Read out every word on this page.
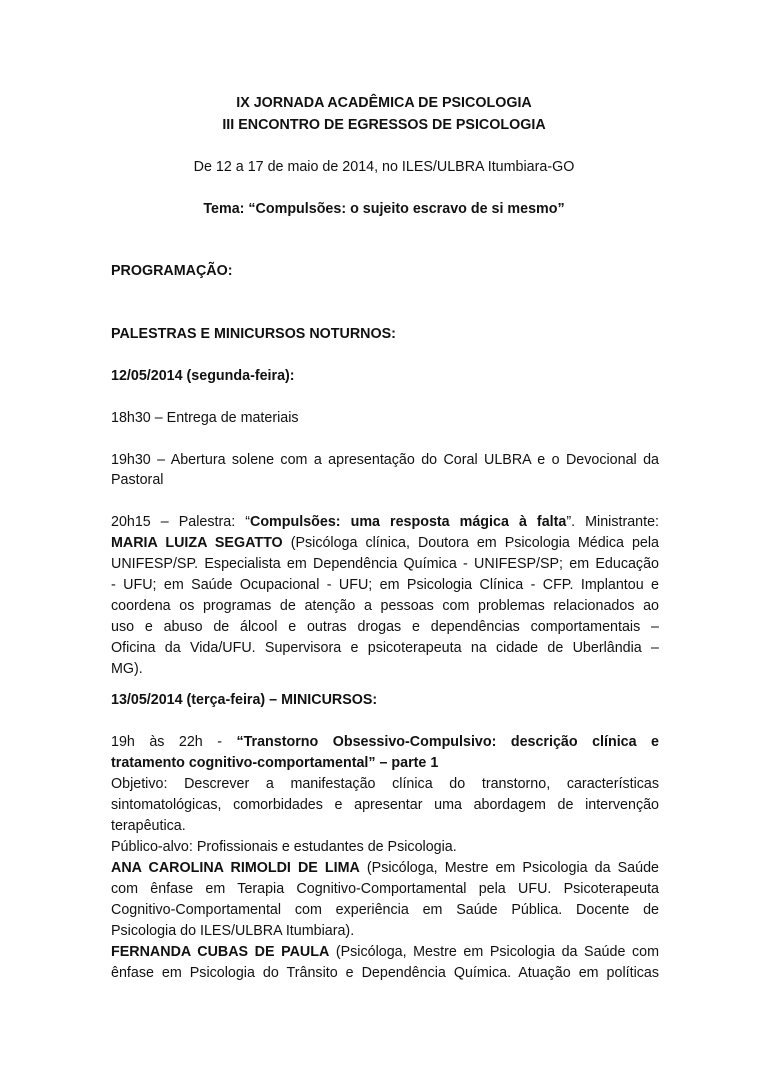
IX JORNADA ACADÊMICA DE PSICOLOGIA
III ENCONTRO DE EGRESSOS DE PSICOLOGIA
De 12 a 17 de maio de 2014, no ILES/ULBRA Itumbiara-GO
Tema: “Compulsões: o sujeito escravo de si mesmo”
PROGRAMAÇÃO:
PALESTRAS E MINICURSOS NOTURNOS:
12/05/2014 (segunda-feira):
18h30 – Entrega de materiais
19h30 – Abertura solene com a apresentação do Coral ULBRA e o Devocional da
Pastoral
20h15 – Palestra: “Compulsões: uma resposta mágica à falta”. Ministrante:
MARIA LUIZA SEGATTO (Psicóloga clínica, Doutora em Psicologia Médica pela
UNIFESP/SP. Especialista em Dependência Química - UNIFESP/SP; em Educação
- UFU; em Saúde Ocupacional - UFU; em Psicologia Clínica - CFP. Implantou e
coordena os programas de atenção a pessoas com problemas relacionados ao
uso e abuso de álcool e outras drogas e dependências comportamentais –
Oficina da Vida/UFU. Supervisora e psicoterapeuta na cidade de Uberlândia –
MG).
13/05/2014 (terça-feira) – MINICURSOS:
19h às 22h - “Transtorno Obsessivo-Compulsivo: descrição clínica e
tratamento cognitivo-comportamental” – parte 1
Objetivo: Descrever a manifestação clínica do transtorno, características
sintomatológicas, comorbidades e apresentar uma abordagem de intervenção
terapêutica.
Público-alvo: Profissionais e estudantes de Psicologia.
ANA CAROLINA RIMOLDI DE LIMA (Psicóloga, Mestre em Psicologia da Saúde
com ênfase em Terapia Cognitivo-Comportamental pela UFU. Psicoterapeuta
Cognitivo-Comportamental com experiência em Saúde Pública. Docente de
Psicologia do ILES/ULBRA Itumbiara).
FERNANDA CUBAS DE PAULA (Psicóloga, Mestre em Psicologia da Saúde com
ênfase em Psicologia do Trânsito e Dependência Química. Atuação em políticas
